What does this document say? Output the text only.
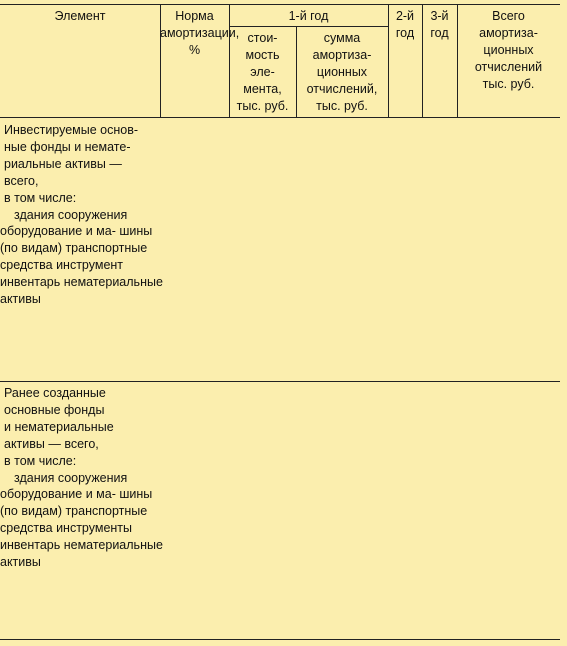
Элемент	Норма
амортизации, %
1-й год
стои-
мость
эле-
мента,
тыс. руб.
сумма
амортиза-
ционных
отчислений,
тыс. руб.
2-й
год
3-й
год
Всего
амортиза-
ционных
отчислений
тыс. руб.
Инвестируемые основ-
ные фонды и немате-
риальные активы —
всего,
в том числе:
здания сооружения оборудование и ма- шины (по видам) транспортные средства инструмент инвентарь нематериальные активы
Ранее созданные
основные фонды
и нематериальные
активы — всего,
в том числе:
здания сооружения оборудование и ма- шины (по видам) транспортные средства инструменты инвентарь нематериальные активы
